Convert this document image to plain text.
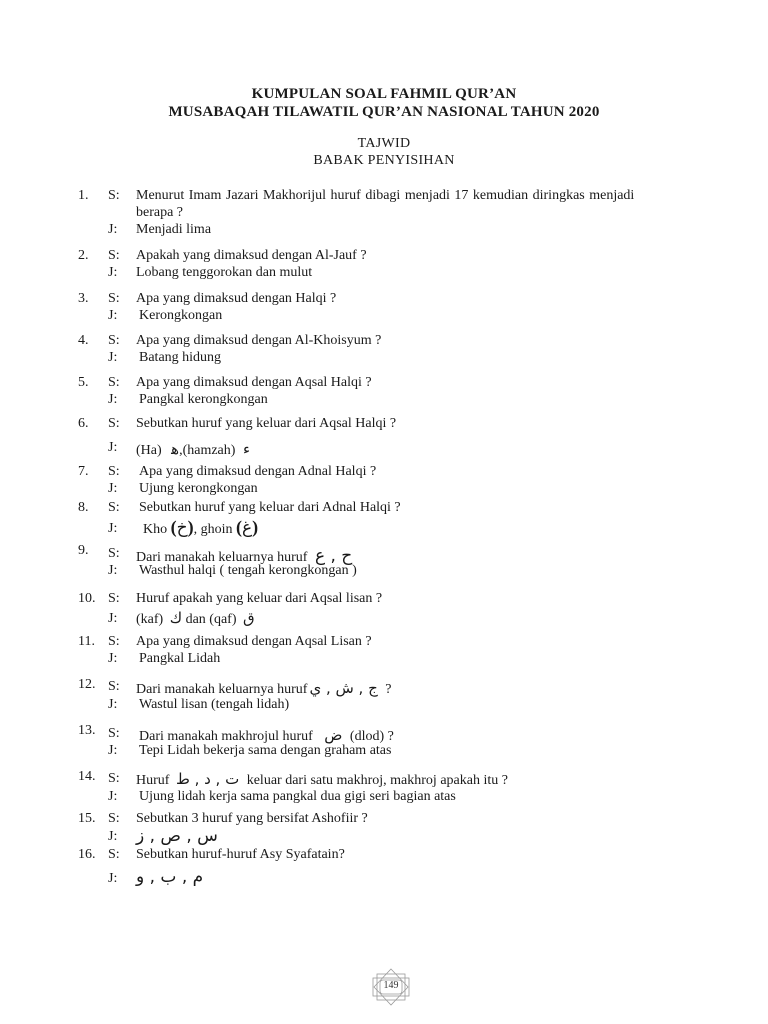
KUMPULAN SOAL FAHMIL QUR’AN
MUSABAQAH TILAWATIL QUR’AN NASIONAL TAHUN 2020
TAJWID
BABAK PENYISIHAN
1. S: Menurut Imam Jazari Makhorijul huruf dibagi menjadi 17 kemudian diringkas menjadi
berapa ?
J: Menjadi lima
2. S: Apakah yang dimaksud dengan Al-Jauf ?
J: Lobang tenggorokan dan mulut
3. S: Apa yang dimaksud dengan Halqi ?
J: Kerongkongan
4. S: Apa yang dimaksud dengan Al-Khoisyum ?
J: Batang hidung
5. S: Apa yang dimaksud dengan Aqsal Halqi ?
J: Pangkal kerongkongan
6. S: Sebutkan huruf yang keluar dari Aqsal Halqi ?
J: (Ha) ﮬ,(hamzah) ء
7. S: Apa yang dimaksud dengan Adnal Halqi ?
J: Ujung kerongkongan
8. S: Sebutkan huruf yang keluar dari Adnal Halqi ?
J: Kho (خ), ghoin (غ)
9. S: Dari manakah keluarnya huruf ح , ع
J: Wasthul halqi ( tengah kerongkongan )
10. S: Huruf apakah yang keluar dari Aqsal lisan ?
J: (kaf) ك dan (qaf) ق
11. S: Apa yang dimaksud dengan Aqsal Lisan ?
J: Pangkal Lidah
12. S: Dari manakah keluarnya huruf ج , ش , ي ?
J: Wastul lisan (tengah lidah)
13. S: Dari manakah makhrojul huruf ض (dlod) ?
J: Tepi Lidah bekerja sama dengan graham atas
14. S: Huruf ت , د , ط keluar dari satu makhroj, makhroj apakah itu ?
J: Ujung lidah kerja sama pangkal dua gigi seri bagian atas
15. S: Sebutkan 3 huruf yang bersifat Ashofiir ?
J: س , ص , ز
16. S: Sebutkan huruf-huruf Asy Syafatain?
J: م , ب , و
149
